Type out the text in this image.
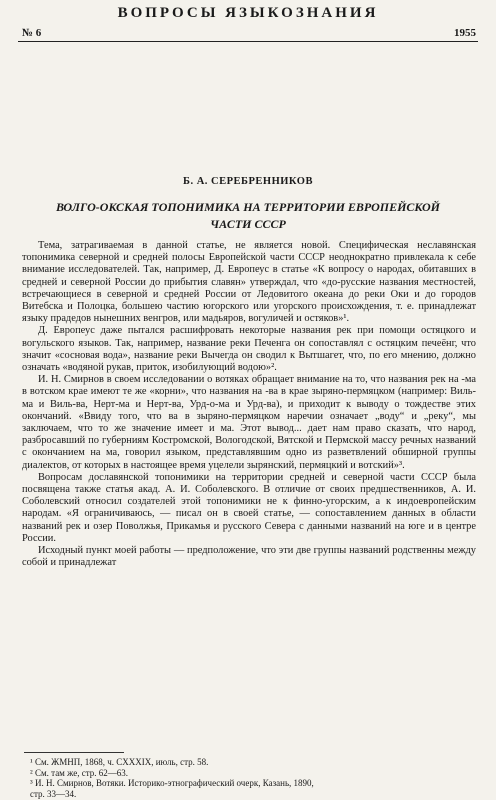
ВОПРОСЫ ЯЗЫКОЗНАНИЯ
№ 6	1955
Б. А. СЕРЕБРЕННИКОВ
ВОЛГО-ОКСКАЯ ТОПОНИМИКА НА ТЕРРИТОРИИ ЕВРОПЕЙСКОЙ
ЧАСТИ СССР

Тема, затрагиваемая в данной статье, не является новой. Специфическая неславянская топонимика северной и средней полосы Европейской части СССР неоднократно привлекала к себе внимание исследователей. Так, например, Д. Европеус в статье «К вопросу о народах, обитавших в средней и северной России до прибытия славян» утверждал, что «до-русские названия местностей, встречающиеся в северной и средней России от Ледовитого океана до реки Оки и до городов Витебска и Полоцка, большею частию югорского или угорского происхождения, т. е. принадлежат языку прадедов нынешних венгров, или мадьяров, вогуличей и остяков»¹.

Д. Европеус даже пытался расшифровать некоторые названия рек при помощи остяцкого и вогульского языков. Так, например, название реки Печенга он сопоставлял с остяцким печеёнг, что значит «сосновая вода», название реки Вычегда он сводил к Вытшагет, что, по его мнению, должно означать «водяной рукав, приток, изобилующий водою»².

И. Н. Смирнов в своем исследовании о вотяках обращает внимание на то, что названия рек на -ма в вотском крае имеют те же «корни», что названия на -ва в крае зырянo-пермяцком (например: Виль-ма и Виль-ва, Нерт-ма и Нерт-ва, Урд-о-ма и Урд-ва), и приходит к выводу о тождестве этих окончаний. «Ввиду того, что ва в зырянo-пермяцком наречии означает „воду“ и „реку“, мы заключаем, что то же значение имеет и ма. Этот вывод... дает нам право сказать, что народ, разбросавший по губерниям Костромской, Вологодской, Вятской и Пермской массу речных названий с окончанием на ма, говорил языком, представлявшим одно из разветвлений обширной группы диалектов, от которых в настоящее время уцелели зырянский, пермяцкий и вотский»³.

Вопросам доcлавянской топонимики на территории средней и северной части СССР была посвящена также статья акад. А. И. Соболевского. В отличие от своих предшественников, А. И. Соболевский относил создателей этой топонимики не к финно-угорским, а к индоевропейским народам. «Я ограничиваюсь, — писал он в своей статье, — сопоставлением данных в области названий рек и озер Поволжья, Прикамья и русского Севера с данными названий на юге и в центре России.

Исходный пункт моей работы — предположение, что эти две группы названий родственны между собой и принадлежат

¹ См. ЖМНП, 1868, ч. CXXXIX, июль, стр. 58.
² См. там же, стр. 62—63.
³ И. Н. Смирнов, Вотяки. Историко-этнографический очерк, Казань, 1890,
стр. 33—34.
